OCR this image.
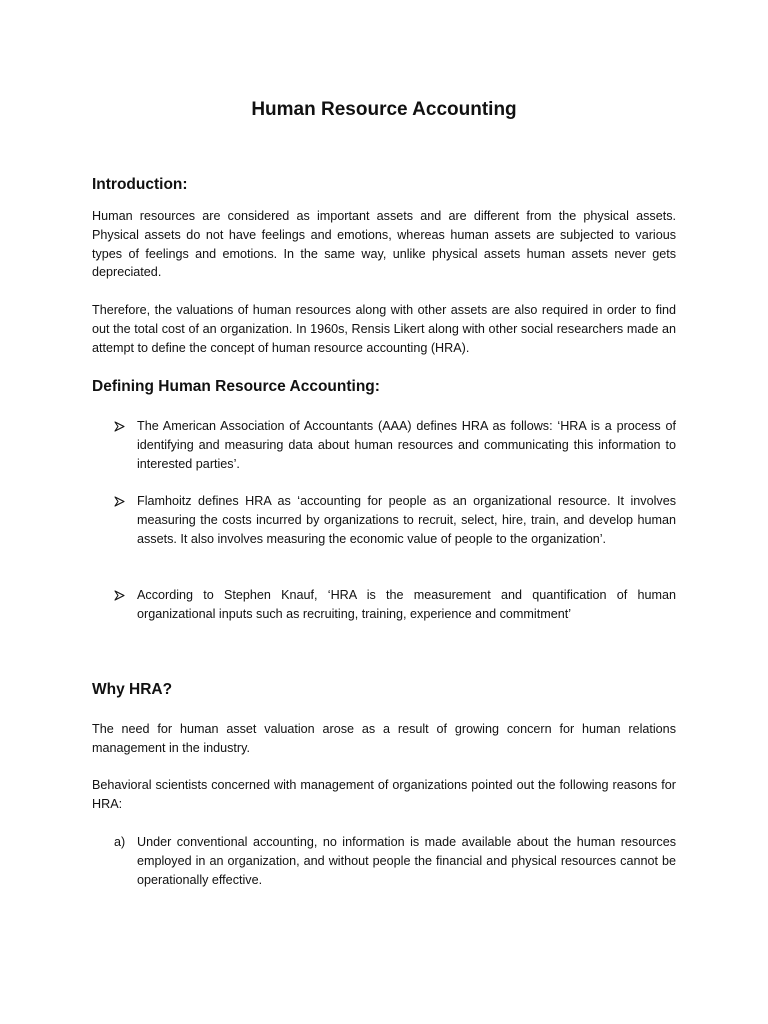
Human Resource Accounting
Introduction:

Human resources are considered as important assets and are different from the physical assets. Physical assets do not have feelings and emotions, whereas human assets are subjected to various types of feelings and emotions. In the same way, unlike physical assets human assets never gets depreciated.

Therefore, the valuations of human resources along with other assets are also required in order to find out the total cost of an organization. In 1960s, Rensis Likert along with other social researchers made an attempt to define the concept of human resource accounting (HRA).

Defining Human Resource Accounting:
The American Association of Accountants (AAA) defines HRA as follows: ‘HRA is a process of identifying and measuring data about human resources and communicating this information to interested parties’.
Flamhoitz defines HRA as ‘accounting for people as an organizational resource. It involves measuring the costs incurred by organizations to recruit, select, hire, train, and develop human assets. It also involves measuring the economic value of people to the organization’.
According to Stephen Knauf, ‘HRA is the measurement and quantification of human organizational inputs such as recruiting, training, experience and commitment’
Why HRA?

The need for human asset valuation arose as a result of growing concern for human relations management in the industry.

Behavioral scientists concerned with management of organizations pointed out the following reasons for HRA:

a) Under conventional accounting, no information is made available about the human resources employed in an organization, and without people the financial and physical resources cannot be operationally effective.
